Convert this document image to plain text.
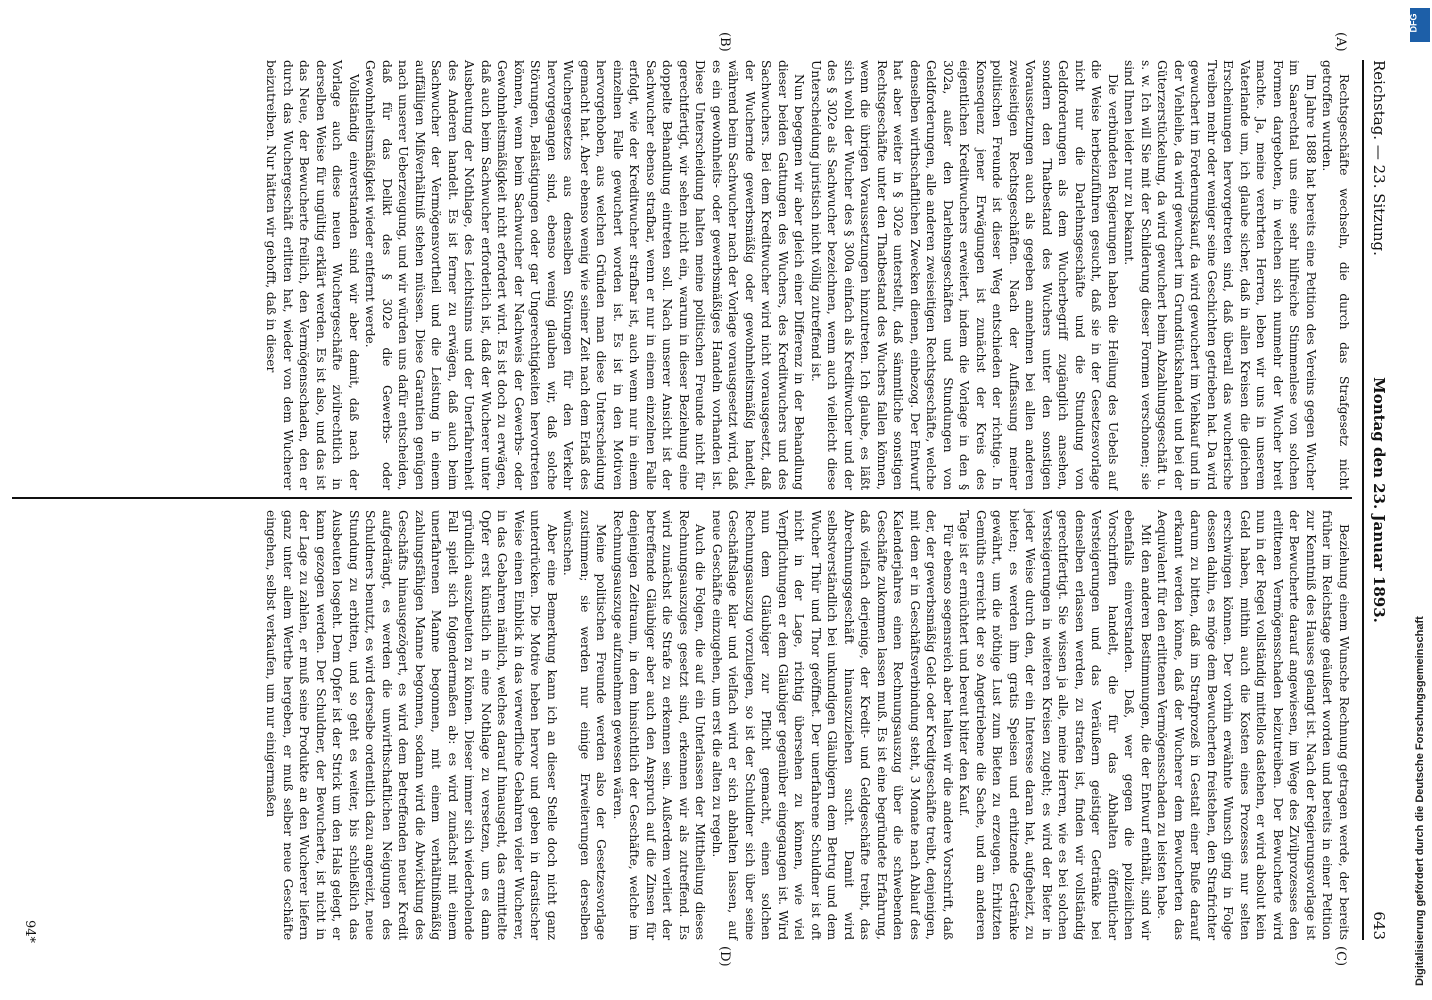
Reichstag. — 23. Sitzung.
Montag den 23. Januar 1893.
643

Rechtsgeschäfte wechseln, die durch das Strafgesetz nicht getroffen wurden.

Im Jahre 1888 hat bereits eine Petition des Vereins gegen Wucher im Saarechtal uns eine sehr hilfreiche Stimmenlese von solchen Formen dargeboten, in welchen sich nunmehr der Wucher breit machte. Ja, meine verehrten Herren, leben wir uns in unserem Vaterlande um, ich glaube sicher, daß in allen Kreisen die gleichen Erscheinungen hervorgetreten sind, daß überall das wucherische Treiben mehr oder weniger seine Geschichten getrieben hat. Da wird gewuchert im Forderungskauf, da wird gewuchert im Viehkauf und in der Viehleihe, da wird gewuchert im Grundstückshandel und bei der Güterzerstückelung, da wird gewuchert beim Abzahlungsgeschäft u. s. w. Ich will Sie mit der Schilderung dieser Formen verschonen; sie sind Ihnen leider nur zu bekannt.

Die verbündeten Regierungen haben die Heilung des Uebels auf die Weise herbeizuführen gesucht, daß sie in der Gesetzesvorlage nicht nur die Darlehnsgeschäfte und die Stundung von Geldforderungen als dem Wucherbegriff zugänglich ansehen, sondern den Thatbestand des Wuchers unter den sonstigen Voraussetzungen auch als gegeben annehmen bei allen anderen zweiseitigen Rechtsgeschäften. Nach der Auffassung meiner politischen Freunde ist dieser Weg entschieden der richtige. In Konsequenz jener Erwägungen ist zunächst der Kreis des eigentlichen Kreditwuchers erweitert, indem die Vorlage in den § 302a, außer den Darlehnsgeschäften und Stundungen von Geldforderungen, alle anderen zweiseitigen Rechtsgeschäfte, welche denselben wirthschaftlichen Zwecken dienen, einbezog. Der Entwurf hat aber weiter in § 302e unterstellt, daß sämmtliche sonstigen Rechtsgeschäfte unter den Thatbestand des Wuchers fallen können, wenn die übrigen Voraussetzungen hinzutreten. Ich glaube, es läßt sich wohl der Wucher des § 300a einfach als Kreditwucher und der des § 302e als Sachwucher bezeichnen, wenn auch vielleicht diese Unterscheidung juristisch nicht völlig zutreffend ist.

Nun begegnen wir aber gleich einer Differenz in der Behandlung dieser beiden Gattungen des Wuchers, des Kreditwuchers und des Sachwuchers. Bei dem Kreditwucher wird nicht vorausgesetzt, daß der Wuchernde gewerbsmäßig oder gewohnheitsmäßig handelt, während beim Sachwucher nach der Vorlage vorausgesetzt wird, daß es ein gewohnheits- oder gewerbsmäßiges Handeln vorhanden ist. Diese Unterscheidung halten meine politischen Freunde nicht für gerechtfertigt, wir sehen nicht ein, warum in dieser Beziehung eine doppelte Behandlung eintreten soll. Nach unserer Ansicht ist der Sachwucher ebenso strafbar, wenn er nur in einem einzelnen Falle erfolgt, wie der Kreditwucher strafbar ist, auch wenn nur in einem einzelnen Falle gewuchert worden ist. Es ist in den Motiven hervorgehoben, aus welchen Gründen man diese Unterscheidung gemacht hat. Aber ebenso wenig wie seiner Zeit nach dem Erlaß des Wuchergesetzes aus denselben Störungen für den Verkehr hervorgegangen sind, ebenso wenig glauben wir, daß solche Störungen, Belästigungen oder gar Ungerechtigkeiten hervortreten können, wenn beim Sachwucher der Nachweis der Gewerbs- oder Gewohnheitsmäßigkeit nicht erfordert wird. Es ist doch zu erwägen, daß auch beim Sachwucher erforderlich ist, daß der Wucherer unter Ausbeutung der Nothlage, des Leichtsinns und der Unerfahrenheit des Anderen handelt. Es ist ferner zu erwägen, daß auch beim Sachwucher der Vermögensvortheil und die Leistung in einem auffälligen Mißverhältniß stehen müssen. Diese Garantien genügen nach unserer Ueberzeugung, und wir würden uns dafür entscheiden, daß für das Delikt des § 302e die Gewerbs- oder Gewohnheitsmäßigkeit wieder entfernt werde.

Vollständig einverstanden sind wir aber damit, daß nach der Vorlage auch diese neuen Wuchergeschäfte zivilrechtlich in derselben Weise für ungültig erklärt werden. Es ist also, und das ist das Neue, der Bewucherte freilich, den Vermögensschaden, den er durch das Wuchergeschäft erlitten hat, wieder von dem Wucherer beizutreiben. Nur hätten wir gehofft, daß in dieser

Beziehung einem Wunsche Rechnung getragen werde, der bereits früher im Reichstage geäußert worden und bereits in einer Petition zur Kenntniß des Hauses gelangt ist. Nach der Regierungsvorlage ist der Bewucherte darauf angewiesen, im Wege des Zivilprozesses den erlittenen Vermögensschaden beizutreiben. Der Bewucherte wird nun in der Regel vollständig mittellos dastehen, er wird absolut kein Geld haben, mithin auch die Kosten eines Prozesses nur selten erschwingen können. Der vorhin erwähnte Wunsch ging in Folge dessen dahin, es möge dem Bewucherten freistehen, den Strafrichter darum zu bitten, daß im Strafprozeß in Gestalt einer Buße darauf erkannt werden könne, daß der Wucherer dem Bewucherten das Aequivalent für den erlittenen Vermögensschaden zu leisten habe.

Mit den anderen Bestimmungen, die der Entwurf enthält, sind wir ebenfalls einverstanden. Daß, wer gegen die polizeilichen Vorschriften handelt, die für das Abhalten öffentlicher Versteigerungen und das Veräußern geistiger Getränke bei denselben erlassen werden, zu strafen ist, finden wir vollständig gerechtfertigt. Sie wissen ja alle, meine Herren, wie es bei solchen Versteigerungen in weiteren Kreisen zugeht; es wird der Bieter in jeder Weise durch den, der ein Interesse daran hat, aufgeheizt, zu bieten; es werden ihm gratis Speisen und erhitzende Getränke gewährt, um die nöthige Lust zum Bieten zu erzeugen. Erhitzten Gemüths erreicht der so Angetriebene die Sache, und am anderen Tage ist er ernüchtert und bereut bitter den Kauf.

Für ebenso segensreich aber halten wir die andere Vorschrift, daß der, der gewerbsmäßig Geld- oder Kreditgeschäfte treibt, denjenigen, mit dem er in Geschäftsverbindung steht, 3 Monate nach Ablauf des Kalenderjahres einen Rechnungsauszug über die schwebenden Geschäfte zukommen lassen muß. Es ist eine begründete Erfahrung, daß vielfach derjenige, der Kredit- und Geldgeschäfte treibt, das Abrechnungsgeschäft hinauszuziehen sucht. Damit wird selbstverständlich bei unkundigen Gläubigern dem Betrug und dem Wucher Thür und Thor geöffnet. Der unerfahrene Schuldner ist oft nicht in der Lage, richtig übersehen zu können, wie viel Verpflichtungen er dem Gläubiger gegenüber eingegangen ist. Wird nun dem Gläubiger zur Pflicht gemacht, einen solchen Rechnungsauszug vorzulegen, so ist der Schuldner sich über seine Geschäftslage klar und vielfach wird er sich abhalten lassen, auf neue Geschäfte einzugehen, um erst die alten zu regeln.

Auch die Folgen, die auf ein Unterlassen der Mittheilung dieses Rechnungsauszuges gesetzt sind, erkennen wir als zutreffend. Es wird zunächst die Strafe zu erkennen sein. Außerdem verliert der betreffende Gläubiger aber auch den Anspruch auf die Zinsen für denjenigen Zeitraum, in dem hinsichtlich der Geschäfte, welche im Rechnungsauszuge aufzunehmen gewesen wären.

Meine politischen Freunde werden also der Gesetzesvorlage zustimmen; sie werden nur einige Erweiterungen derselben wünschen.

Aber eine Bemerkung kann ich an dieser Stelle doch nicht ganz unterdrücken. Die Motive heben hervor und geben in drastischer Weise einen Einblick in das verwerfliche Gebahren vieler Wucherer, in das Gebahren nämlich, welches darauf hinausgeht, das ermittelte Opfer erst künstlich in eine Nothlage zu versetzen, um es dann gründlich auszubeuten zu können. Dieser immer sich wiederholende Fall spielt sich folgendermaßen ab: es wird zunächst mit einem unerfahrenen Manne begonnen, mit einem verhältnißmäßig zahlungsfähigen Manne begonnen, sodann wird die Abwicklung des Geschäfts hinausgezögert, es wird dem Betreffenden neuer Kredit aufgedrängt, es werden die unwirthschaftlichen Neigungen des Schuldners benutzt, es wird derselbe ordentlich dazu angereizt, neue Stundung zu erbitten, und so geht es weiter, bis schließlich das Ausbeuten losgeht. Dem Opfer ist der Strick um den Hals gelegt, er kann gezogen werden. Der Schuldner, der Bewucherte, ist nicht in der Lage zu zahlen, er muß seine Produkte an den Wucherer liefern ganz unter allem Werthe hergeben, er muß selber neue Geschäfte eingehen, selbst verkaufen, um nur einigermaßen

(A)
(B)
(C)
(D)
94*	Digitalisierung gefördert durch die Deutsche Forschungsgemeinschaft
DFG
